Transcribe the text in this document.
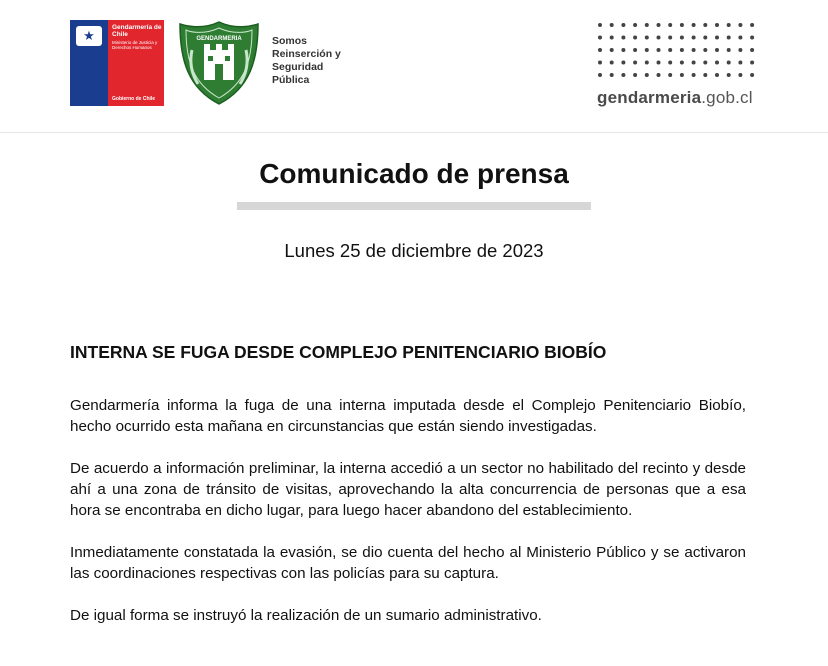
★
Gendarmería de Chile
Ministerio de Justicia y Derechos Humanos
Gobierno de Chile
GENDARMERIA	Somos Reinserción y Seguridad Pública
gendarmeria.gob.cl
Comunicado de prensa
Lunes 25 de diciembre de 2023
INTERNA SE FUGA DESDE COMPLEJO PENITENCIARIO BIOBÍO

Gendarmería informa la fuga de una interna imputada desde el Complejo Penitenciario Biobío, hecho ocurrido esta mañana en circunstancias que están siendo investigadas.

De acuerdo a información preliminar, la interna accedió a un sector no habilitado del recinto y desde ahí a una zona de tránsito de visitas, aprovechando la alta concurrencia de personas que a esa hora se encontraba en dicho lugar, para luego hacer abandono del establecimiento.

Inmediatamente constatada la evasión, se dio cuenta del hecho al Ministerio Público y se activaron las coordinaciones respectivas con las policías para su captura.

De igual forma se instruyó la realización de un sumario administrativo.
